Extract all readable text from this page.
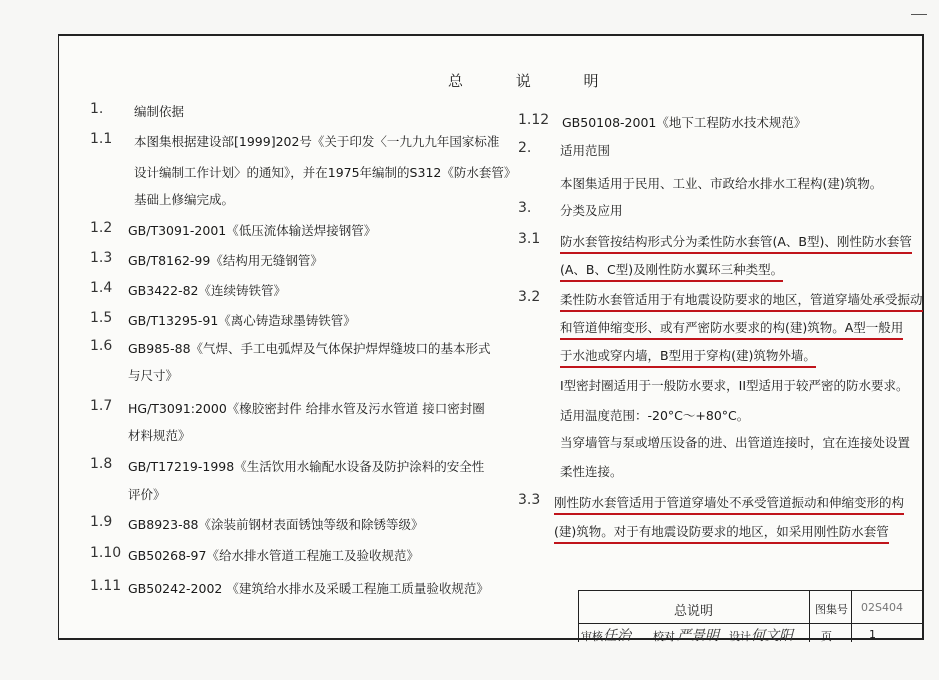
总 说 明
1. 编制依据
1.1 本图集根据建设部[1999]202号《关于印发〈一九九九年国家标准
设计编制工作计划〉的通知》，并在1975年编制的S312《防水套管》
基础上修编完成。
1.2 GB/T3091-2001《低压流体输送焊接钢管》
1.3 GB/T8162-99《结构用无缝钢管》
1.4 GB3422-82《连续铸铁管》
1.5 GB/T13295-91《离心铸造球墨铸铁管》
1.6 GB985-88《气焊、手工电弧焊及气体保护焊焊缝坡口的基本形式
与尺寸》
1.7 HG/T3091:2000《橡胶密封件 给排水管及污水管道 接口密封圈
材料规范》
1.8 GB/T17219-1998《生活饮用水输配水设备及防护涂料的安全性
评价》
1.9 GB8923-88《涂装前钢材表面锈蚀等级和除锈等级》
1.10 GB50268-97《给水排水管道工程施工及验收规范》
1.11 GB50242-2002 《建筑给水排水及采暖工程施工质量验收规范》
1.12 GB50108-2001《地下工程防水技术规范》
2. 适用范围
本图集适用于民用、工业、市政给水排水工程构(建)筑物。
3. 分类及应用
3.1 防水套管按结构形式分为柔性防水套管(A、B型)、刚性防水套管
(A、B、C型)及刚性防水翼环三种类型。
3.2 柔性防水套管适用于有地震设防要求的地区，管道穿墙处承受振动
和管道伸缩变形、或有严密防水要求的构(建)筑物。A型一般用
于水池或穿内墙，B型用于穿构(建)筑物外墙。
I型密封圈适用于一般防水要求，II型适用于较严密的防水要求。
适用温度范围：-20°C～+80°C。
当穿墙管与泵或增压设备的进、出管道连接时，宜在连接处设置
柔性连接。
3.3 刚性防水套管适用于管道穿墙处不承受管道振动和伸缩变形的构
(建)筑物。对于有地震设防要求的地区，如采用刚性防水套管
总说明	图集号 02S404
审核 任治 校对 严景明 设计 何文阳	页	1
